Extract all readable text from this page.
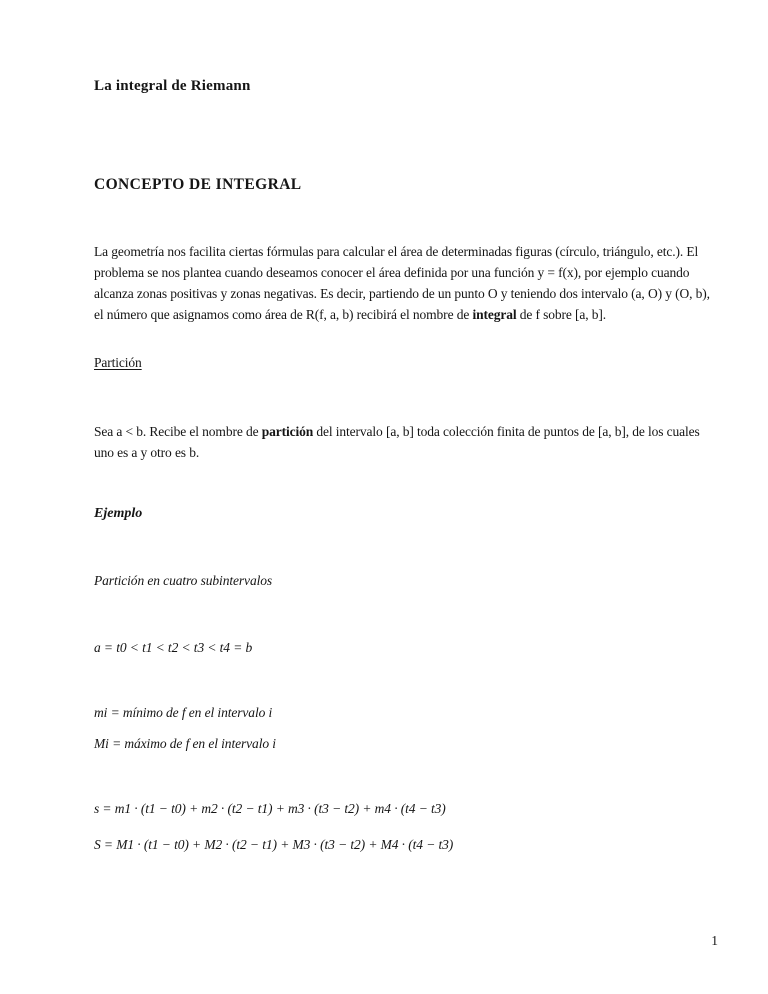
La integral de Riemann
CONCEPTO DE INTEGRAL

La geometría nos facilita ciertas fórmulas para calcular el área de determinadas figuras (círculo, triángulo, etc.). El problema se nos plantea cuando deseamos conocer el área definida por una función y = f(x), por ejemplo cuando alcanza zonas positivas y zonas negativas. Es decir, partiendo de un punto O y teniendo dos intervalo (a, O) y (O, b), el número que asignamos como área de R(f, a, b) recibirá el nombre de integral de f sobre [a, b].

Partición

Sea a < b. Recibe el nombre de partición del intervalo [a, b] toda colección finita de puntos de [a, b], de los cuales uno es a y otro es b.

Ejemplo

Partición en cuatro subintervalos

a = t0 < t1 < t2 < t3 < t4 = b

mi = mínimo de f en el intervalo i

Mi = máximo de f en el intervalo i

s = m1 · (t1 − t0) + m2 · (t2 − t1) + m3 · (t3 − t2) + m4 · (t4 − t3)

S = M1 · (t1 − t0) + M2 · (t2 − t1) + M3 · (t3 − t2) + M4 · (t4 − t3)

1
